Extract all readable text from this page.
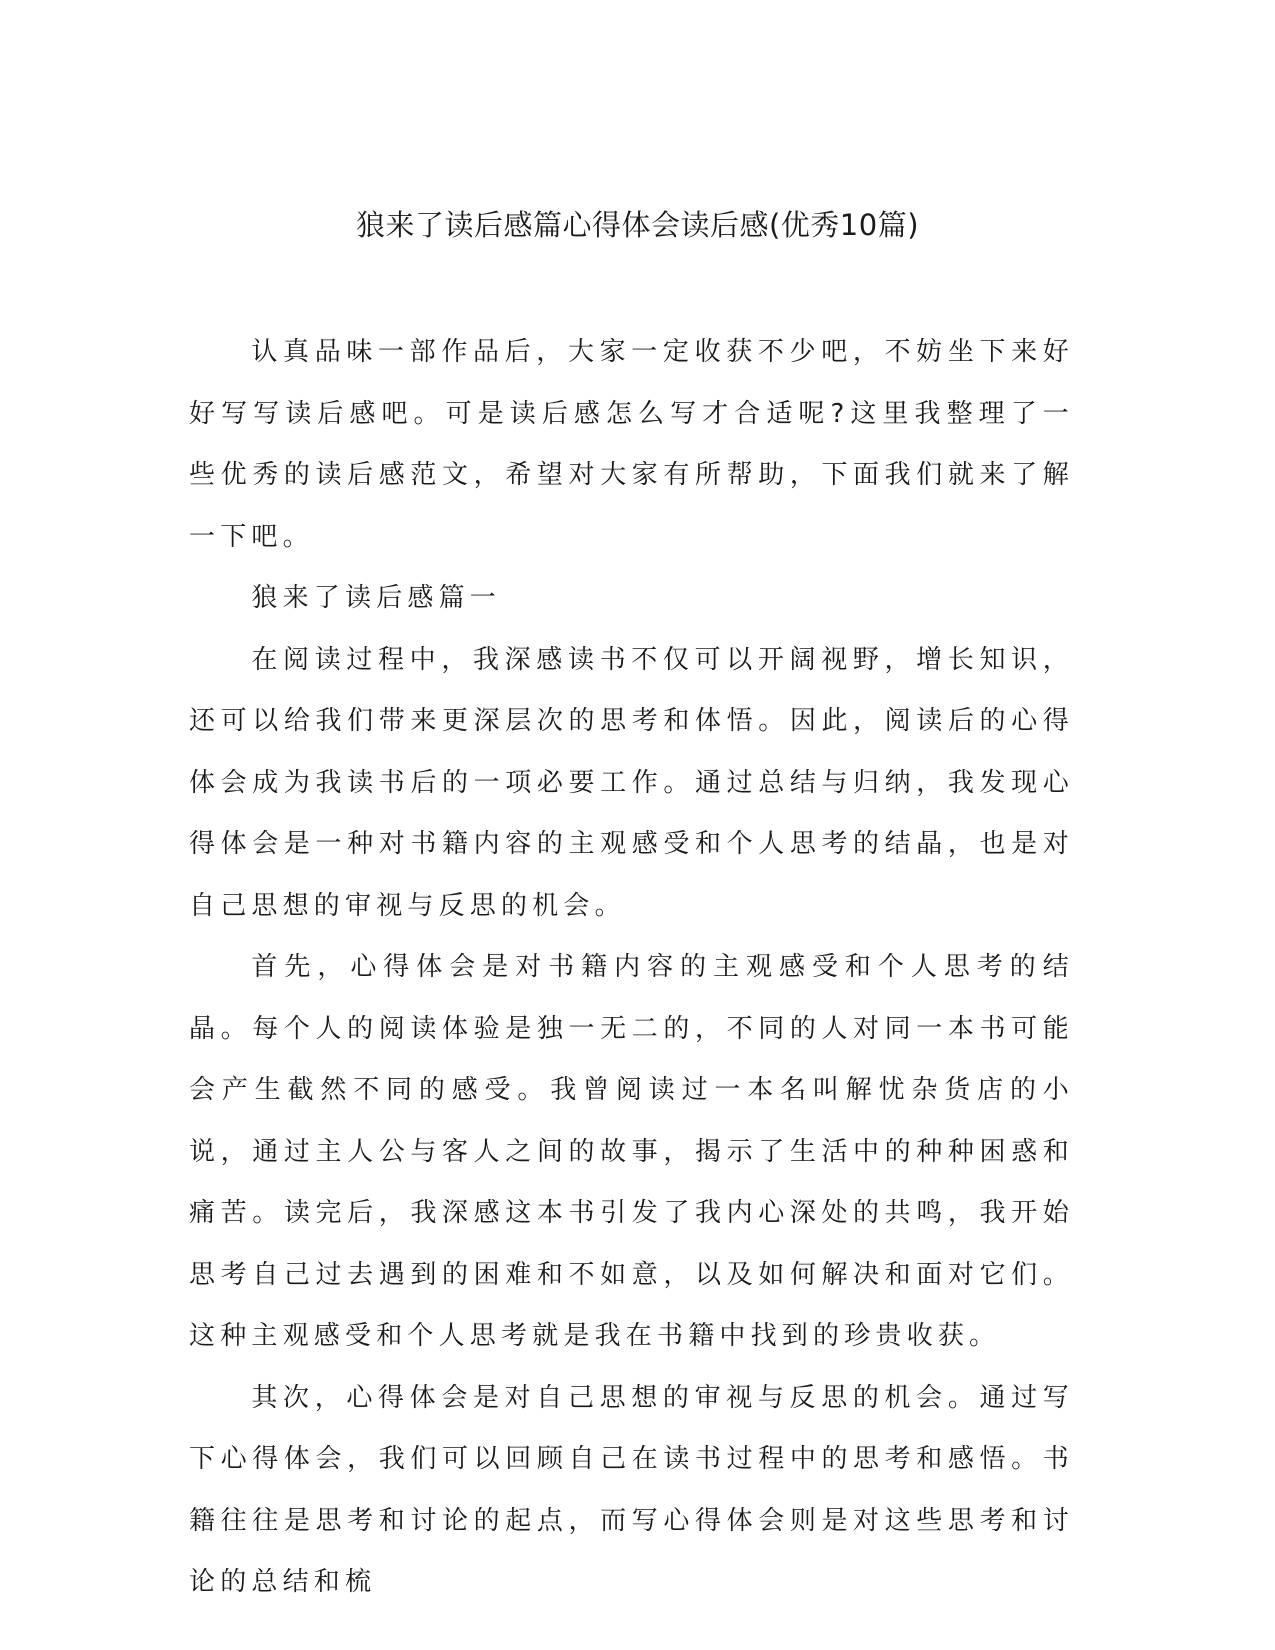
狼来了读后感篇心得体会读后感(优秀10篇)

认真品味一部作品后，大家一定收获不少吧，不妨坐下来好好写写读后感吧。可是读后感怎么写才合适呢?这里我整理了一些优秀的读后感范文，希望对大家有所帮助，下面我们就来了解一下吧。

狼来了读后感篇一

在阅读过程中，我深感读书不仅可以开阔视野，增长知识，还可以给我们带来更深层次的思考和体悟。因此，阅读后的心得体会成为我读书后的一项必要工作。通过总结与归纳，我发现心得体会是一种对书籍内容的主观感受和个人思考的结晶，也是对自己思想的审视与反思的机会。

首先，心得体会是对书籍内容的主观感受和个人思考的结晶。每个人的阅读体验是独一无二的，不同的人对同一本书可能会产生截然不同的感受。我曾阅读过一本名叫解忧杂货店的小说，通过主人公与客人之间的故事，揭示了生活中的种种困惑和痛苦。读完后，我深感这本书引发了我内心深处的共鸣，我开始思考自己过去遇到的困难和不如意，以及如何解决和面对它们。这种主观感受和个人思考就是我在书籍中找到的珍贵收获。

其次，心得体会是对自己思想的审视与反思的机会。通过写下心得体会，我们可以回顾自己在读书过程中的思考和感悟。书籍往往是思考和讨论的起点，而写心得体会则是对这些思考和讨论的总结和梳
